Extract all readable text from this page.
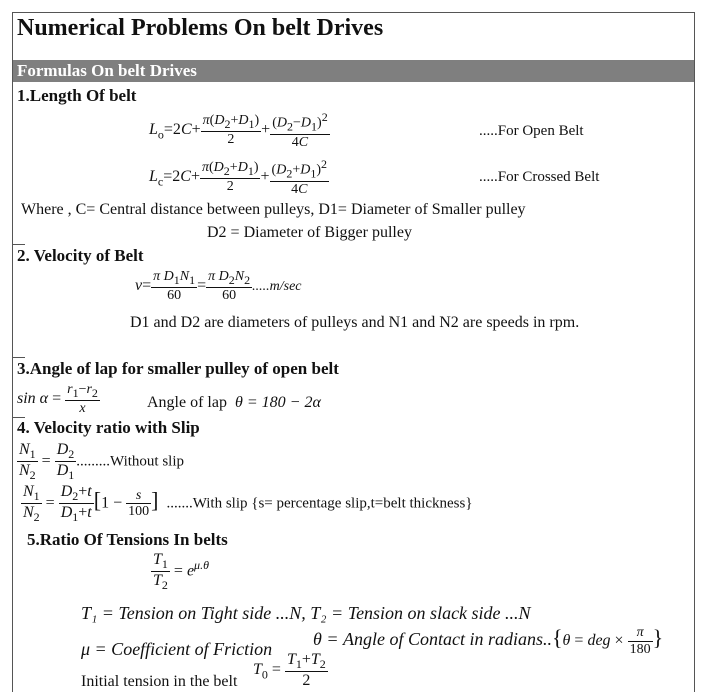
Numerical Problems On belt Drives
Formulas On belt Drives
1.Length Of belt
$L_o=2C+ \frac{\pi(D_2+D_1)}{2} + \frac{(D_2-D_1)^2}{4C}$	.....For Open Belt
$L_c=2C+ \frac{\pi(D_2+D_1)}{2} + \frac{(D_2+D_1)^2}{4C}$	.....For Crossed Belt
Where , C= Central distance between pulleys, D1= Diameter of Smaller pulley
D2 = Diameter of Bigger pulley
2. Velocity of Belt
$v= \frac{\pi D_1N_1}{60} = \frac{\pi D_2N_2}{60} .....m/\sec$
D1 and D2 are diameters of pulleys and N1 and N2 are speeds in rpm.
3.Angle of lap for smaller pulley of open belt
$\sin \alpha = \frac{r_1-r_2}{x}$	Angle of lap θ = 180 − 2α
4. Velocity ratio with Slip
$\frac{N_1}{N_2} = \frac{D_2}{D_1}$ .........Without slip
$\frac{N_1}{N_2} = \frac{D_2+t}{D_1+t} [1 - \frac{s}{100}$ ] .......With slip {s= percentage slip,t=belt thickness}
5.Ratio Of Tensions In belts
$\frac{T_1}{T_2} = e^{\mu.\theta}$
T₁ = Tension on Tight side ...N, T₂ = Tension on slack side ...N
μ = Coefficient of Friction θ = Angle of Contact in radians..{θ = deg × $\frac{\pi}{180}$ }
Initial tension in the belt
$T_0 = \frac{T_1+T_2}{2}$
